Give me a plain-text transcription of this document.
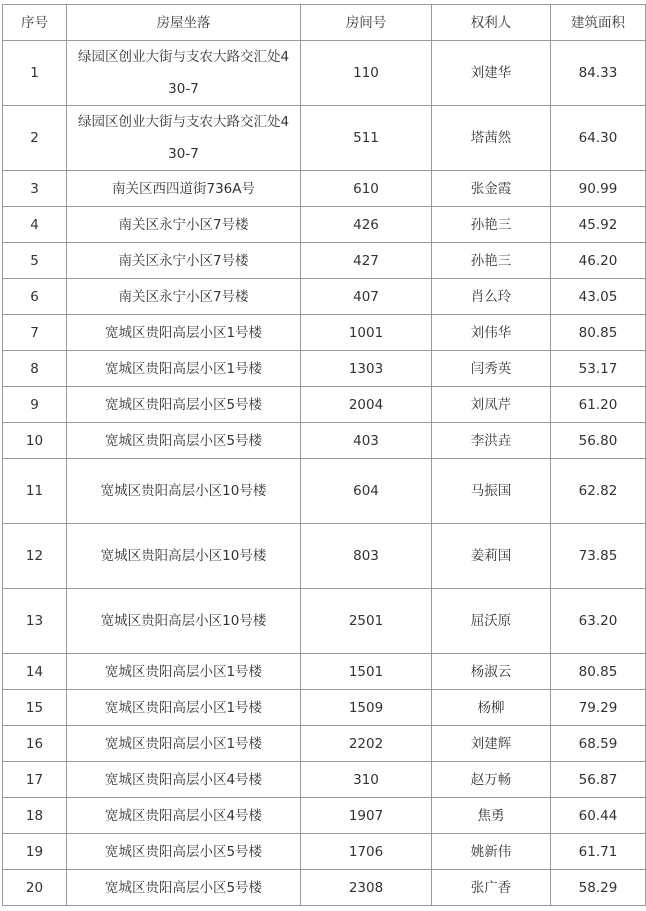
序号	房屋坐落	房间号	权利人	建筑面积
1	绿园区创业大街与支农大路交汇处430-7	110	刘建华	84.33
2	绿园区创业大街与支农大路交汇处430-7	511	塔茜然	64.30
3	南关区西四道街736A号	610	张金霞	90.99
4	南关区永宁小区7号楼	426	孙艳三	45.92
5	南关区永宁小区7号楼	427	孙艳三	46.20
6	南关区永宁小区7号楼	407	肖么玲	43.05
7	宽城区贵阳高层小区1号楼	1001	刘伟华	80.85
8	宽城区贵阳高层小区1号楼	1303	闫秀英	53.17
9	宽城区贵阳高层小区5号楼	2004	刘凤芹	61.20
10	宽城区贵阳高层小区5号楼	403	李洪垚	56.80
11	宽城区贵阳高层小区10号楼	604	马振国	62.82
12	宽城区贵阳高层小区10号楼	803	姜莉国	73.85
13	宽城区贵阳高层小区10号楼	2501	屈沃原	63.20
14	宽城区贵阳高层小区1号楼	1501	杨淑云	80.85
15	宽城区贵阳高层小区1号楼	1509	杨柳	79.29
16	宽城区贵阳高层小区1号楼	2202	刘建辉	68.59
17	宽城区贵阳高层小区4号楼	310	赵万畅	56.87
18	宽城区贵阳高层小区4号楼	1907	焦勇	60.44
19	宽城区贵阳高层小区5号楼	1706	姚新伟	61.71
20	宽城区贵阳高层小区5号楼	2308	张广香	58.29
